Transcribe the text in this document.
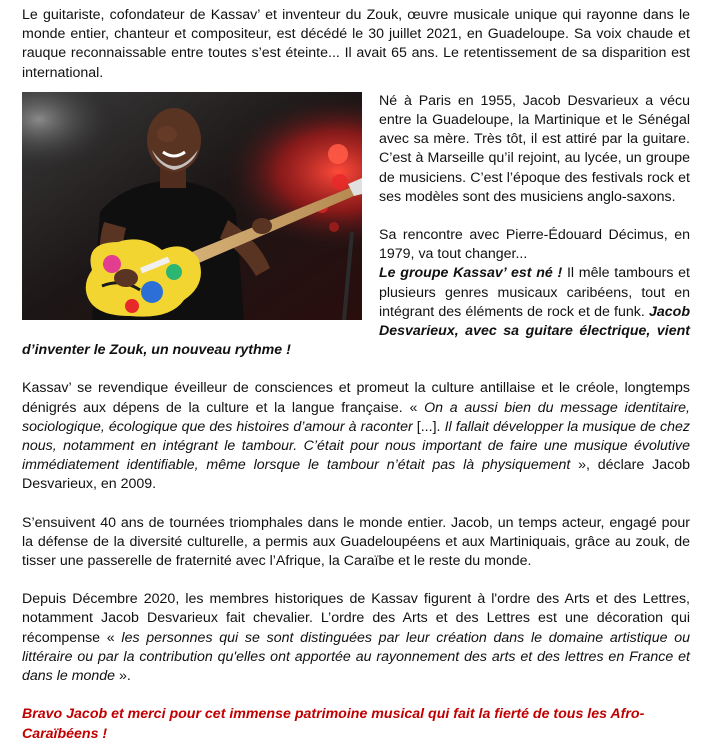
Le guitariste, cofondateur de Kassav’ et inventeur du Zouk, œuvre musicale unique qui rayonne dans le monde entier, chanteur et compositeur, est décédé le 30 juillet 2021, en Guadeloupe. Sa voix chaude et rauque reconnaissable entre toutes s’est éteinte... Il avait 65 ans. Le retentissement de sa disparition est international.

Né à Paris en 1955, Jacob Desvarieux a vécu entre la Guadeloupe, la Martinique et le Sénégal avec sa mère. Très tôt, il est attiré par la guitare. C’est à Marseille qu’il rejoint, au lycée, un groupe de musiciens. C’est l’époque des festivals rock et ses modèles sont des musiciens anglo-saxons.

Sa rencontre avec Pierre-Édouard Décimus, en 1979, va tout changer...
Le groupe Kassav’ est né ! Il mêle tambours et plusieurs genres musicaux caribéens, tout en intégrant des éléments de rock et de funk. Jacob Desvarieux, avec sa guitare électrique, vient d’inventer le Zouk, un nouveau rythme !

Kassav’ se revendique éveilleur de consciences et promeut la culture antillaise et le créole, longtemps dénigrés aux dépens de la culture et la langue française. « On a aussi bien du message identitaire, sociologique, écologique que des histoires d’amour à raconter [...]. Il fallait développer la musique de chez nous, notamment en intégrant le tambour. C’était pour nous important de faire une musique évolutive immédiatement identifiable, même lorsque le tambour n’était pas là physiquement », déclare Jacob Desvarieux, en 2009.

S’ensuivent 40 ans de tournées triomphales dans le monde entier. Jacob, un temps acteur, engagé pour la défense de la diversité culturelle, a permis aux Guadeloupéens et aux Martiniquais, grâce au zouk, de tisser une passerelle de fraternité avec l’Afrique, la Caraïbe et le reste du monde.

Depuis Décembre 2020, les membres historiques de Kassav figurent à l'ordre des Arts et des Lettres, notamment Jacob Desvarieux fait chevalier. L’ordre des Arts et des Lettres est une décoration qui récompense « les personnes qui se sont distinguées par leur création dans le domaine artistique ou littéraire ou par la contribution qu'elles ont apportée au rayonnement des arts et des lettres en France et dans le monde ».

Bravo Jacob et merci pour cet immense patrimoine musical qui fait la fierté de tous les Afro-Caraïbéens !
